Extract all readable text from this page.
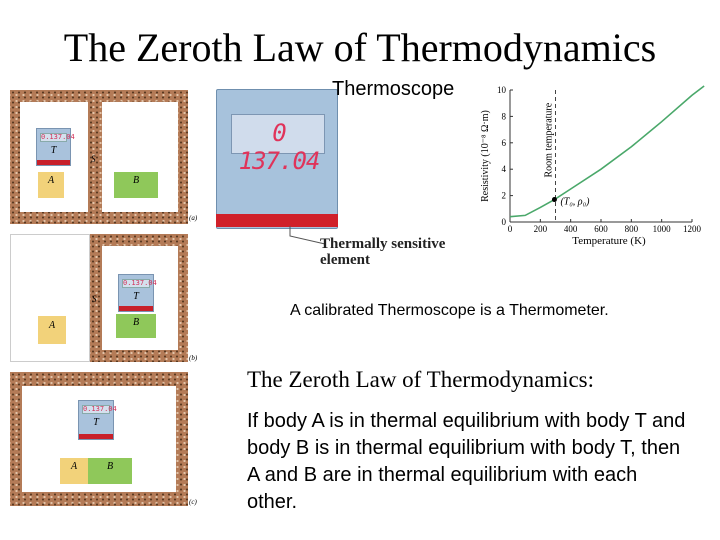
The Zeroth Law of Thermodynamics
0.137.04
T
A	B
S
(a)
0.137.04
T
B
S
A
(b)
0.137.04
T
A	B
(c)
0 137.04
Thermally sensitive
element
Thermoscope
0 200 400 600 800 1000 1200
0
2
4
6
8
10
Temperature (K)
Resistivity (10⁻⁸ Ω·m)	Room temperature
(T₀, ρ₀)
A calibrated Thermoscope is a Thermometer.
The Zeroth Law of Thermodynamics:
If body A is in thermal equilibrium with body T and body B is in thermal equilibrium with body T, then A and B are in thermal equilibrium with each other.
